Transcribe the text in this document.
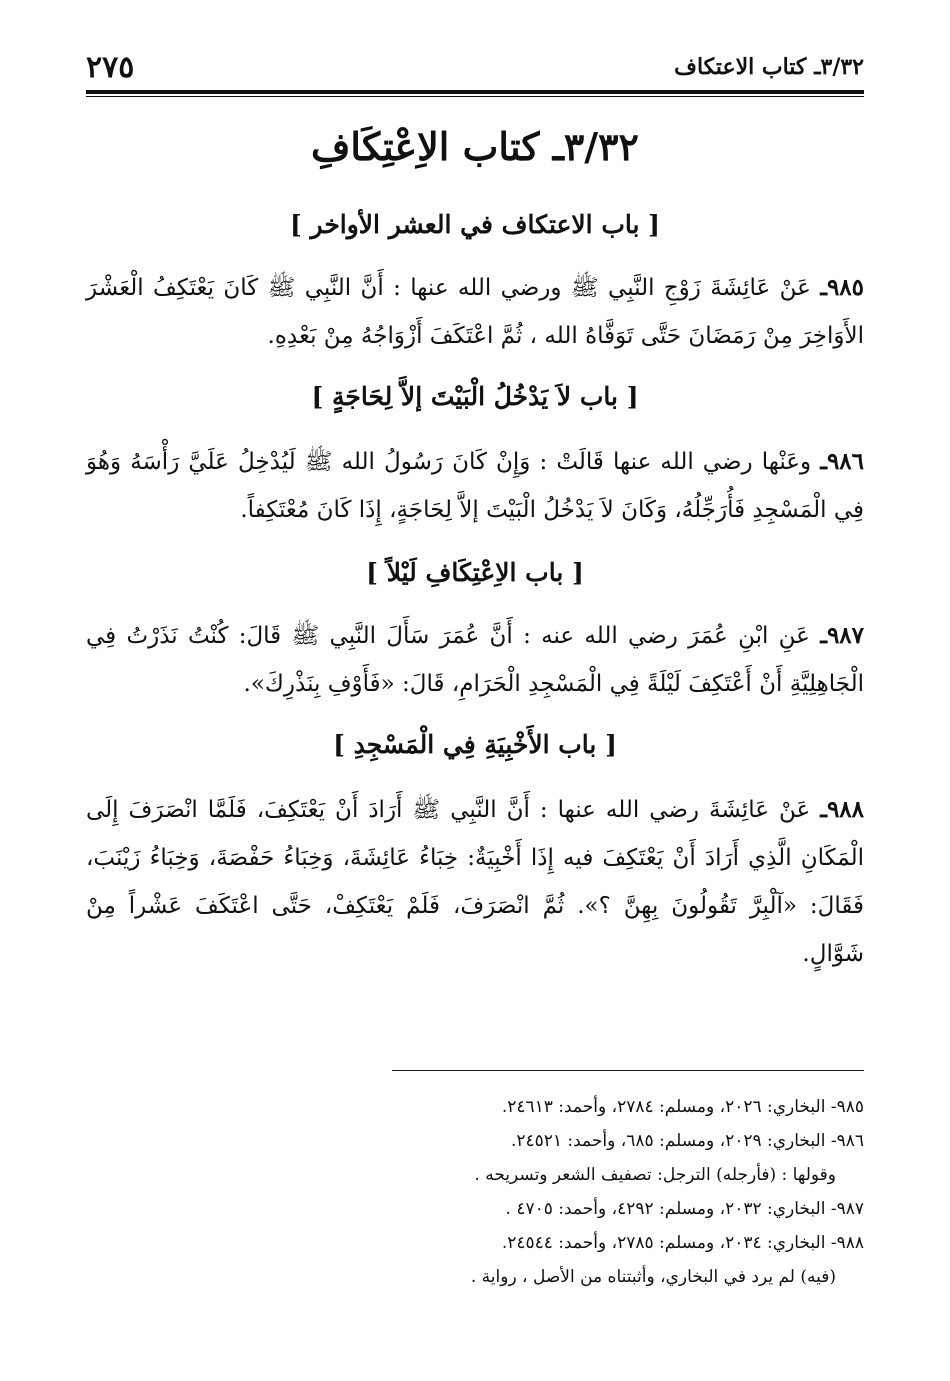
٣/٣٢ـ كتاب الاعتكاف
٢٧٥
٣/٣٢ـ كتاب الاِعْتِكَافِ
[ باب الاعتكاف في العشر الأواخر ]
٩٨٥ـ عَنْ عَائِشَةَ زَوْجِ النَّبِي ﷺ ورضي الله عنها : أَنَّ النَّبِي ﷺ كَانَ يَعْتَكِفُ الْعَشْرَ الأَوَاخِرَ مِنْ رَمَضَانَ حَتَّى تَوَفَّاهُ الله ، ثُمَّ اعْتَكَفَ أَزْوَاجُهُ مِنْ بَعْدِهِ.
[ باب لاَ يَدْخُلُ الْبَيْتَ إلاَّ لِحَاجَةٍ ]
٩٨٦ـ وعَنْها رضي الله عنها قَالَتْ : وَإِنْ كَانَ رَسُولُ الله ﷺ لَيُدْخِلُ عَلَيَّ رَأْسَهُ وَهُوَ فِي الْمَسْجِدِ فَأُرَجِّلُهُ، وَكَانَ لاَ يَدْخُلُ الْبَيْتَ إلاَّ لِحَاجَةٍ، إِذَا كَانَ مُعْتَكِفاً.
[ باب الاِعْتِكَافِ لَيْلاً ]
٩٨٧ـ عَنِ ابْنِ عُمَرَ رضي الله عنه : أَنَّ عُمَرَ سَأَلَ النَّبِي ﷺ قَالَ: كُنْتُ نَذَرْتُ فِي الْجَاهِلِيَّةِ أَنْ أَعْتَكِفَ لَيْلَةً فِي الْمَسْجِدِ الْحَرَامِ، قَالَ: «فَأَوْفِ بِنَذْرِكَ».
[ باب الأَخْبِيَةِ فِي الْمَسْجِدِ ]
٩٨٨ـ عَنْ عَائِشَةَ رضي الله عنها : أَنَّ النَّبِي ﷺ أَرَادَ أَنْ يَعْتَكِفَ، فَلَمَّا انْصَرَفَ إِلَى الْمَكَانِ الَّذِي أَرَادَ أَنْ يَعْتَكِفَ فيه إِذَا أَخْبِيَةٌ: خِبَاءُ عَائِشَةَ، وَخِبَاءُ حَفْصَةَ، وَخِبَاءُ زَيْنَبَ، فَقَالَ: «آلْبِرَّ تَقُولُونَ بِهِنَّ ؟». ثُمَّ انْصَرَفَ، فَلَمْ يَعْتَكِفْ، حَتَّى اعْتَكَفَ عَشْراً مِنْ شَوَّالٍ.
٩٨٥- البخاري: ٢٠٢٦، ومسلم: ٢٧٨٤، وأحمد: ٢٤٦١٣.
٩٨٦- البخاري: ٢٠٢٩، ومسلم: ٦٨٥، وأحمد: ٢٤٥٢١.
وقولها : (فأرجله) الترجل: تصفيف الشعر وتسريحه .
٩٨٧- البخاري: ٢٠٣٢، ومسلم: ٤٢٩٢، وأحمد: ٤٧٠٥ .
٩٨٨- البخاري: ٢٠٣٤، ومسلم: ٢٧٨٥، وأحمد: ٢٤٥٤٤.
(فيه) لم يرد في البخاري، وأثبتناه من الأصل ، رواية .
